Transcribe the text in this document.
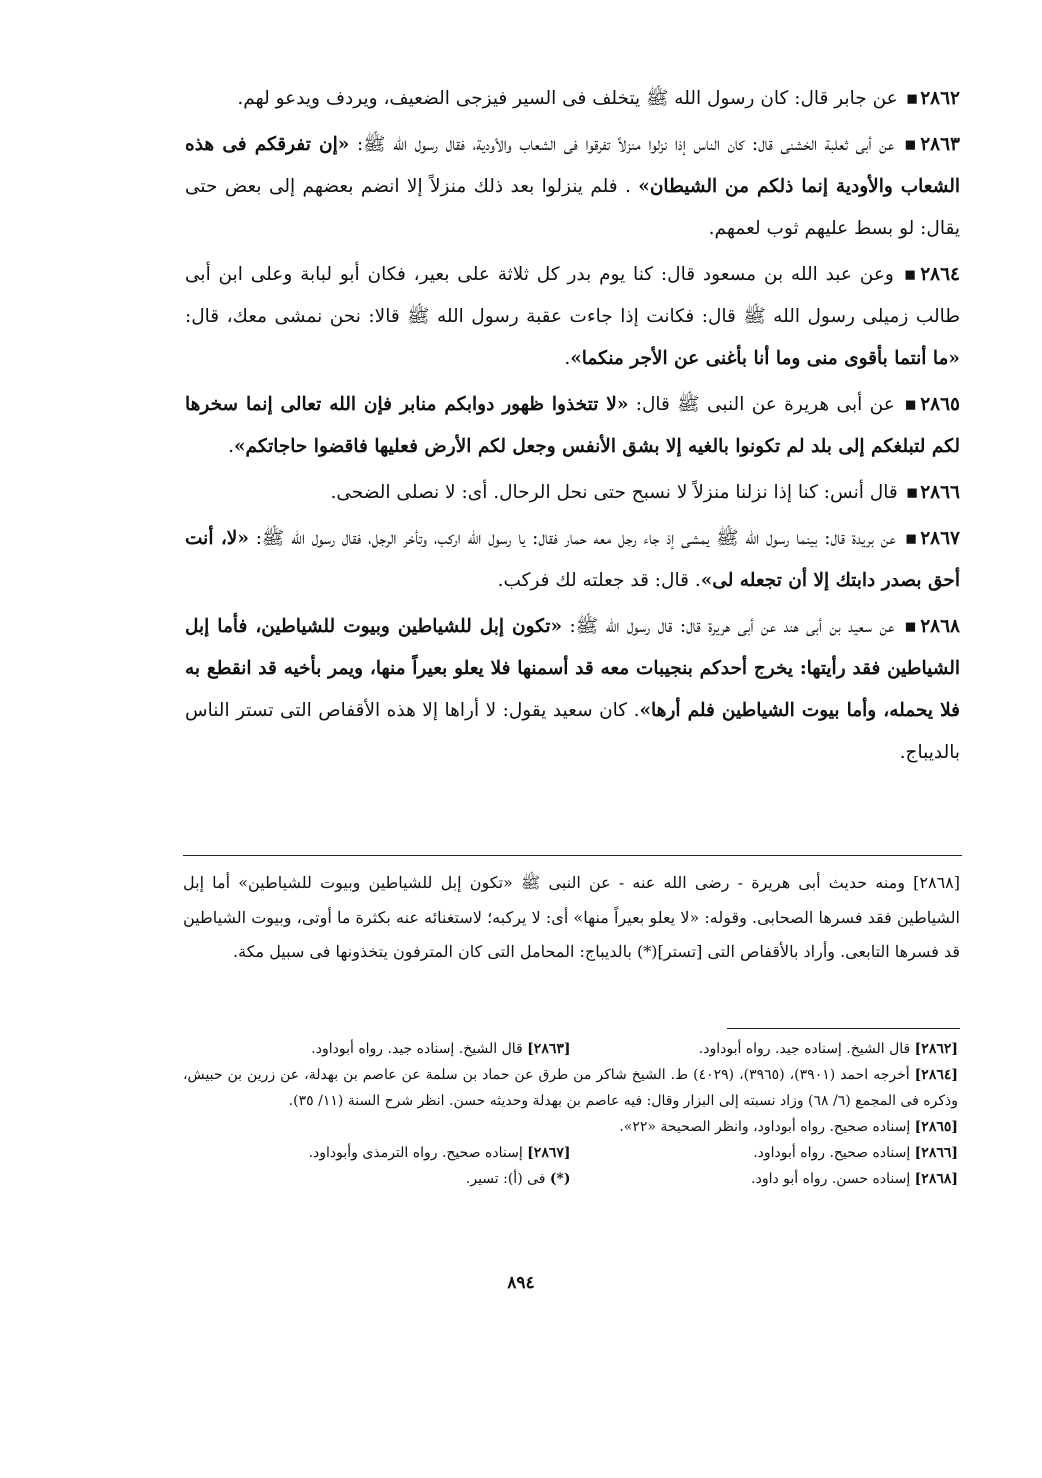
٢٨٦٢▪عن جابر قال: كان رسول الله ﷺ يتخلف فى السير فيزجى الضعيف، ويردف ويدعو لهم.

٢٨٦٣▪عن أبى ثعلبة الخشنى قال: كان الناس إذا نزلوا منزلاً تفرقوا فى الشعاب والأودية، فقال رسول الله ﷺ: «إن تفرقكم فى هذه الشعاب والأودية إنما ذلكم من الشيطان» . فلم ينزلوا بعد ذلك منزلاً إلا انضم بعضهم إلى بعض حتى يقال: لو بسط عليهم ثوب لعمهم.

٢٨٦٤▪وعن عبد الله بن مسعود قال: كنا يوم بدر كل ثلاثة على بعير، فكان أبو لبابة وعلى ابن أبى طالب زميلى رسول الله ﷺ قال: فكانت إذا جاءت عقبة رسول الله ﷺ قالا: نحن نمشى معك، قال: «ما أنتما بأقوى منى وما أنا بأغنى عن الأجر منكما».

٢٨٦٥▪عن أبى هريرة عن النبى ﷺ قال: «لا تتخذوا ظهور دوابكم منابر فإن الله تعالى إنما سخرها لكم لتبلغكم إلى بلد لم تكونوا بالغيه إلا بشق الأنفس وجعل لكم الأرض فعليها فاقضوا حاجاتكم».

٢٨٦٦▪قال أنس: كنا إذا نزلنا منزلاً لا نسبح حتى نحل الرحال. أى: لا نصلى الضحى.

٢٨٦٧▪عن بريدة قال: بينما رسول الله ﷺ يمشى إذ جاء رجل معه حمار فقال: يا رسول الله اركب، وتأخر الرجل، فقال رسول الله ﷺ: «لا، أنت أحق بصدر دابتك إلا أن تجعله لى». قال: قد جعلته لك فركب.

٢٨٦٨▪عن سعيد بن أبى هند عن أبى هريرة قال: قال رسول الله ﷺ: «تكون إبل للشياطين وبيوت للشياطين، فأما إبل الشياطين فقد رأيتها: يخرج أحدكم بنجيبات معه قد أسمنها فلا يعلو بعيراً منها، ويمر بأخيه قد انقطع به فلا يحمله، وأما بيوت الشياطين فلم أرها». كان سعيد يقول: لا أراها إلا هذه الأقفاص التى تستر الناس بالديباج.

[٢٨٦٨] ومنه حديث أبى هريرة - رضى الله عنه - عن النبى ﷺ «تكون إبل للشياطين وبيوت للشياطين» أما إبل الشياطين فقد فسرها الصحابى. وقوله: «لا يعلو بعيراً منها» أى: لا يركبه؛ لاستغنائه عنه بكثرة ما أوتى، وبيوت الشياطين قد فسرها التابعى. وأراد بالأقفاص التى [تستر](*) بالديباج: المحامل التى كان المترفون يتخذونها فى سبيل مكة.
[٢٨٦٢] قال الشيخ. إسناده جيد. رواه أبوداود.
[٢٨٦٣] قال الشيخ. إسناده جيد. رواه أبوداود.
[٢٨٦٤] أخرجه احمد (٣٩٠١)، (٣٩٦٥)، (٤٠٢٩) ط. الشيخ شاكر من طرق عن حماد بن سلمة عن عاصم بن بهدلة، عن زرين بن حبيش، وذكره فى المجمع (٦/ ٦٨) وزاد نسبته إلى البزار وقال: فيه عاصم بن بهدلة وحديثه حسن. انظر شرح السنة (١١/ ٣٥).
[٢٨٦٥] إسناده صحيح. رواه أبوداود، وانظر الصحيحة «٢٢».
[٢٨٦٦] إسناده صحيح. رواه أبوداود.
[٢٨٦٧] إسناده صحيح. رواه الترمذى وأبوداود.
[٢٨٦٨] إسناده حسن. رواه أبو داود.
(*) فى (أ): تسير.
٨٩٤
